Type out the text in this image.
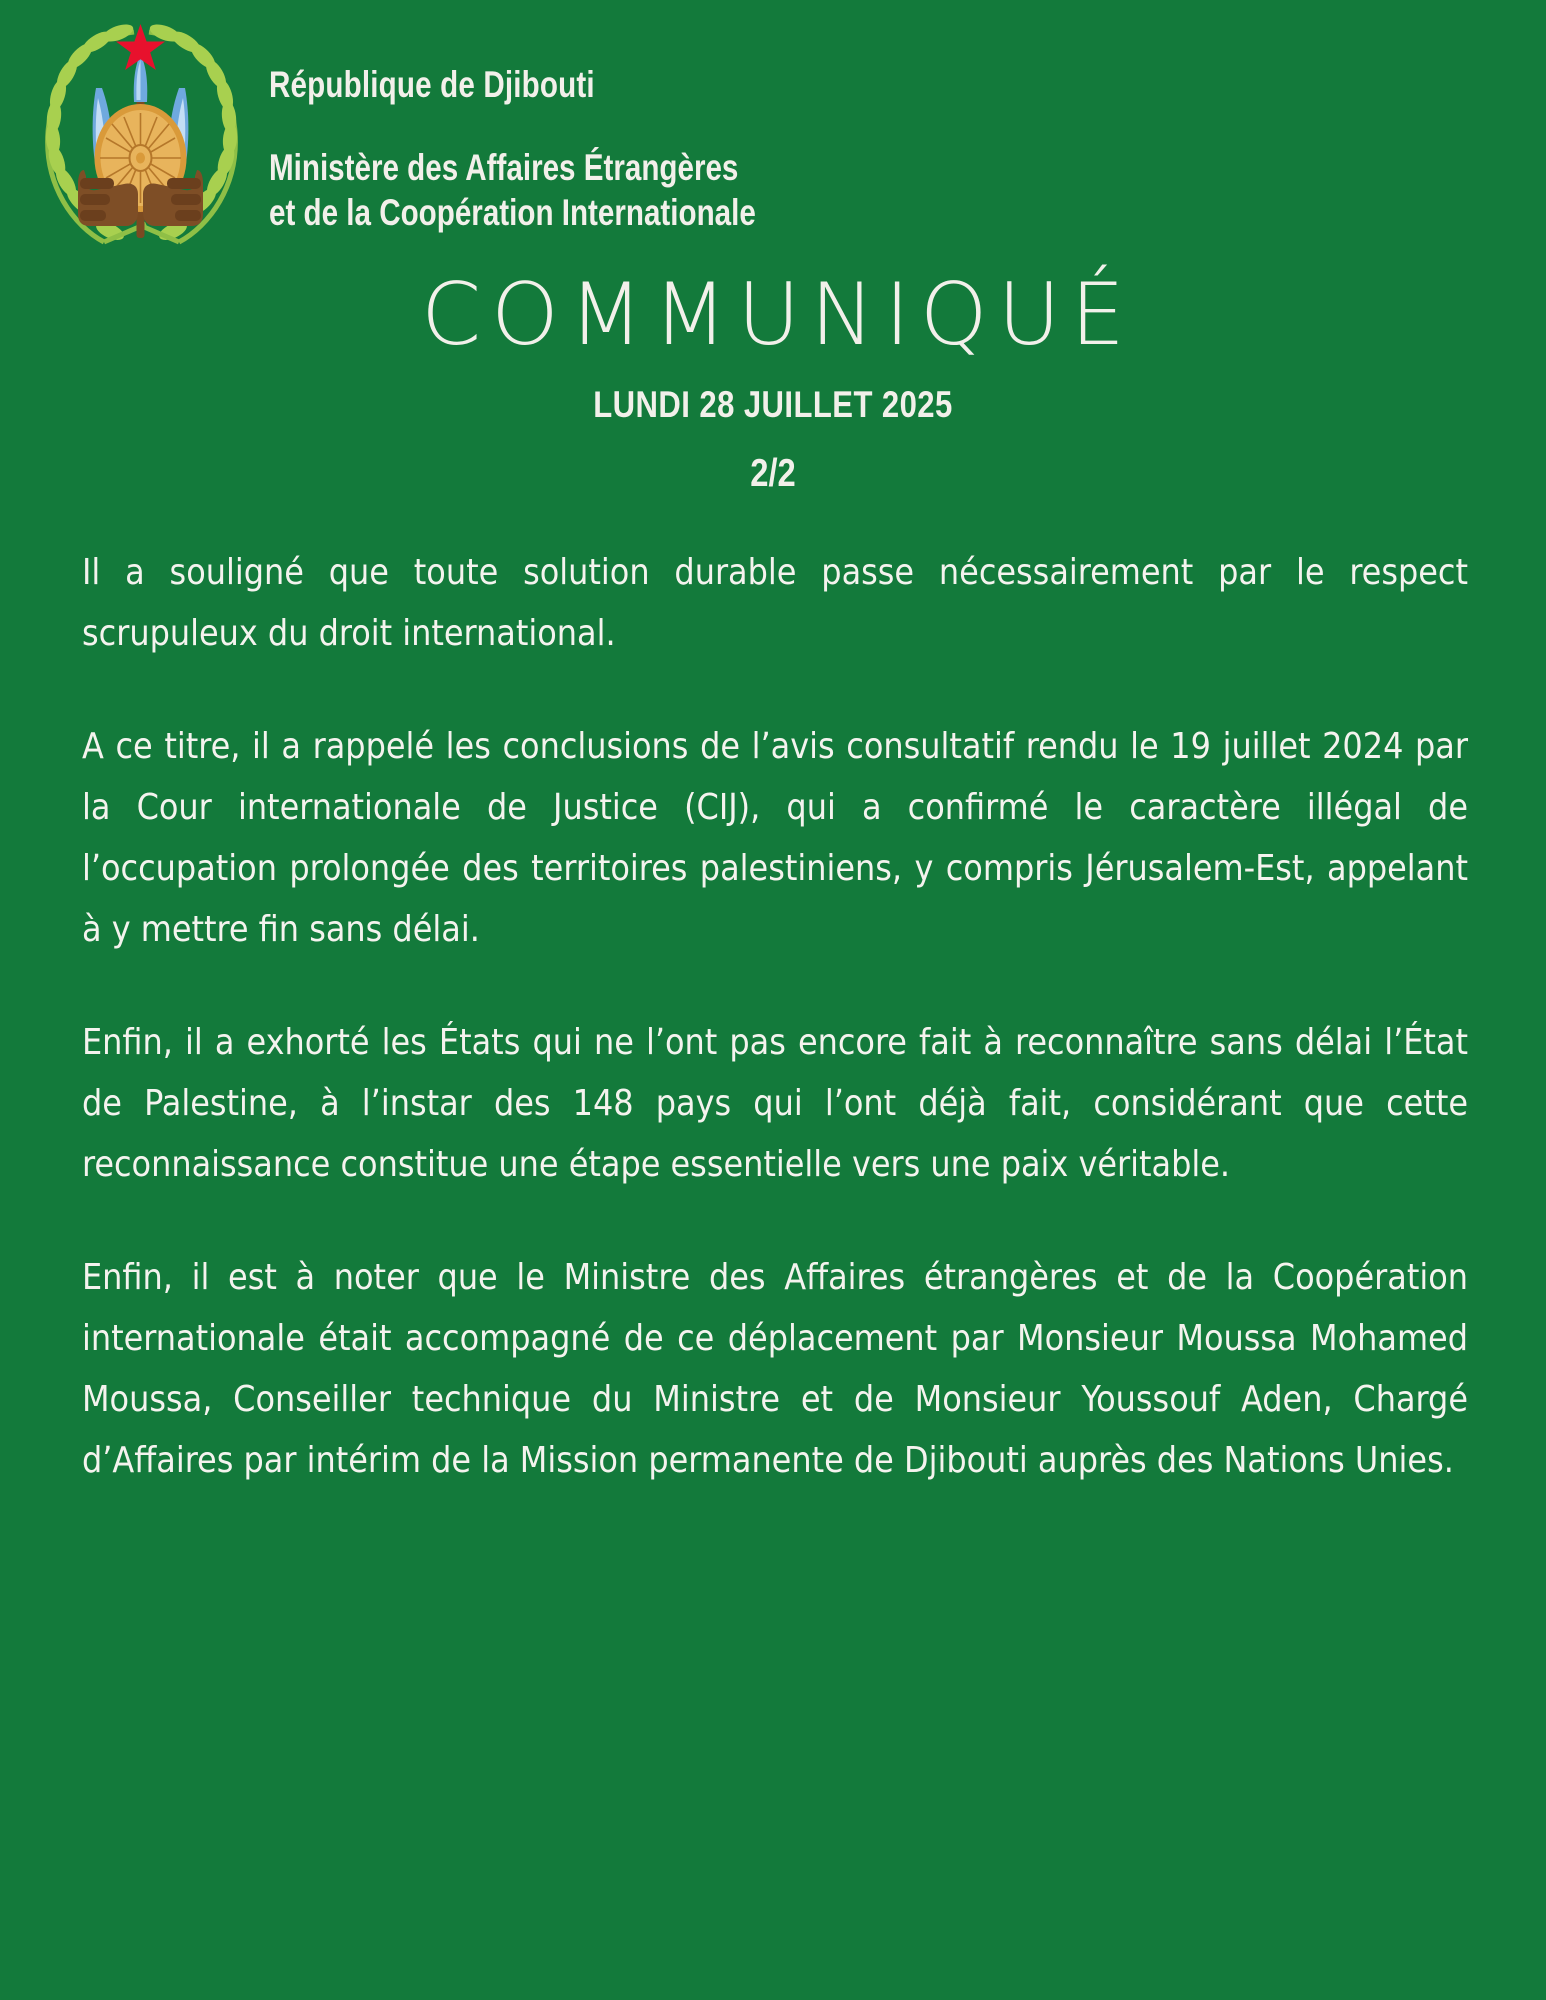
République de Djibouti
Ministère des Affaires Étrangères
et de la Coopération Internationale
COMMUNIQUÉ
LUNDI 28 JUILLET 2025
2/2

Il a souligné que toute solution durable passe nécessairement par le respect scrupuleux du droit international.

A ce titre, il a rappelé les conclusions de l’avis consultatif rendu le 19 juillet 2024 par la Cour internationale de Justice (CIJ), qui a confirmé le caractère illégal de l’occupation prolongée des territoires palestiniens, y compris Jérusalem-Est, appelant à y mettre fin sans délai.

Enfin, il a exhorté les États qui ne l’ont pas encore fait à reconnaître sans délai l’État de Palestine, à l’instar des 148 pays qui l’ont déjà fait, considérant que cette reconnaissance constitue une étape essentielle vers une paix véritable.

Enfin, il est à noter que le Ministre des Affaires étrangères et de la Coopération internationale était accompagné de ce déplacement par Monsieur Moussa Mohamed Moussa, Conseiller technique du Ministre et de Monsieur Youssouf Aden, Chargé d’Affaires par intérim de la Mission permanente de Djibouti auprès des Nations Unies.
